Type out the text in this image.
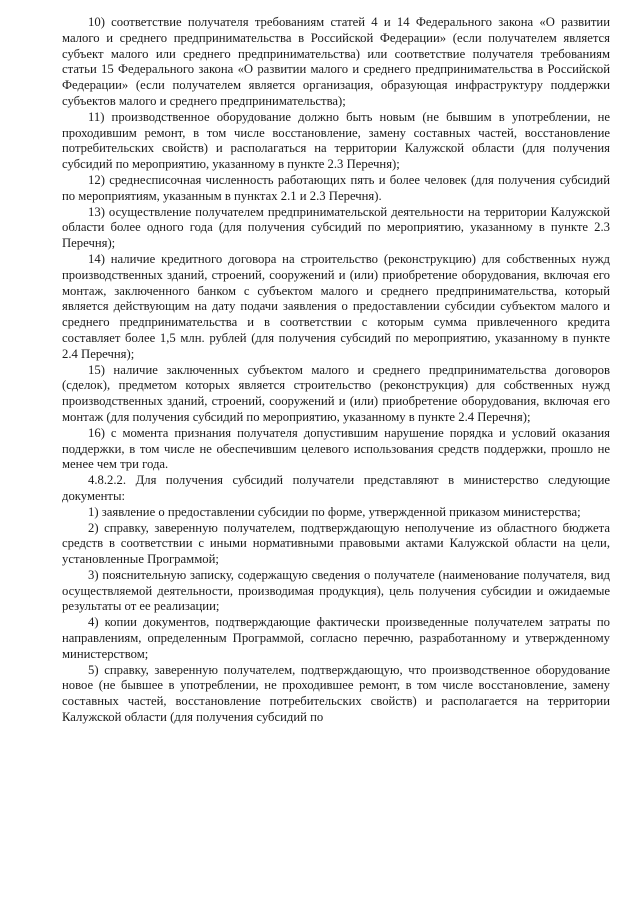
10) соответствие получателя требованиям статей 4 и 14 Федерального закона «О развитии малого и среднего предпринимательства в Российской Федерации» (если получателем является субъект малого или среднего предпринимательства) или соответствие получателя требованиям статьи 15 Федерального закона «О развитии малого и среднего предпринимательства в Российской Федерации» (если получателем является организация, образующая инфраструктуру поддержки субъектов малого и среднего предпринимательства);

11) производственное оборудование должно быть новым (не бывшим в употреблении, не проходившим ремонт, в том числе восстановление, замену составных частей, восстановление потребительских свойств) и располагаться на территории Калужской области (для получения субсидий по мероприятию, указанному в пункте 2.3 Перечня);

12) среднесписочная численность работающих пять и более человек (для получения субсидий по мероприятиям, указанным в пунктах 2.1 и 2.3 Перечня).

13) осуществление получателем предпринимательской деятельности на территории Калужской области более одного года (для получения субсидий по мероприятию, указанному в пункте 2.3 Перечня);

14) наличие кредитного договора на строительство (реконструкцию) для собственных нужд производственных зданий, строений, сооружений и (или) приобретение оборудования, включая его монтаж, заключенного банком с субъектом малого и среднего предпринимательства, который является действующим на дату подачи заявления о предоставлении субсидии субъектом малого и среднего предпринимательства и в соответствии с которым сумма привлеченного кредита составляет более 1,5 млн. рублей (для получения субсидий по мероприятию, указанному в пункте 2.4 Перечня);

15) наличие заключенных субъектом малого и среднего предпринимательства договоров (сделок), предметом которых является строительство (реконструкция) для собственных нужд производственных зданий, строений, сооружений и (или) приобретение оборудования, включая его монтаж (для получения субсидий по мероприятию, указанному в пункте 2.4 Перечня);

16) с момента признания получателя допустившим нарушение порядка и условий оказания поддержки, в том числе не обеспечившим целевого использования средств поддержки, прошло не менее чем три года.

4.8.2.2. Для получения субсидий получатели представляют в министерство следующие документы:

1) заявление о предоставлении субсидии по форме, утвержденной приказом министерства;

2) справку, заверенную получателем, подтверждающую неполучение из областного бюджета средств в соответствии с иными нормативными правовыми актами Калужской области на цели, установленные Программой;

3) пояснительную записку, содержащую сведения о получателе (наименование получателя, вид осуществляемой деятельности, производимая продукция), цель получения субсидии и ожидаемые результаты от ее реализации;

4) копии документов, подтверждающие фактически произведенные получателем затраты по направлениям, определенным Программой, согласно перечню, разработанному и утвержденному министерством;

5) справку, заверенную получателем, подтверждающую, что производственное оборудование новое (не бывшее в употреблении, не проходившее ремонт, в том числе восстановление, замену составных частей, восстановление потребительских свойств) и располагается на территории Калужской области (для получения субсидий по
